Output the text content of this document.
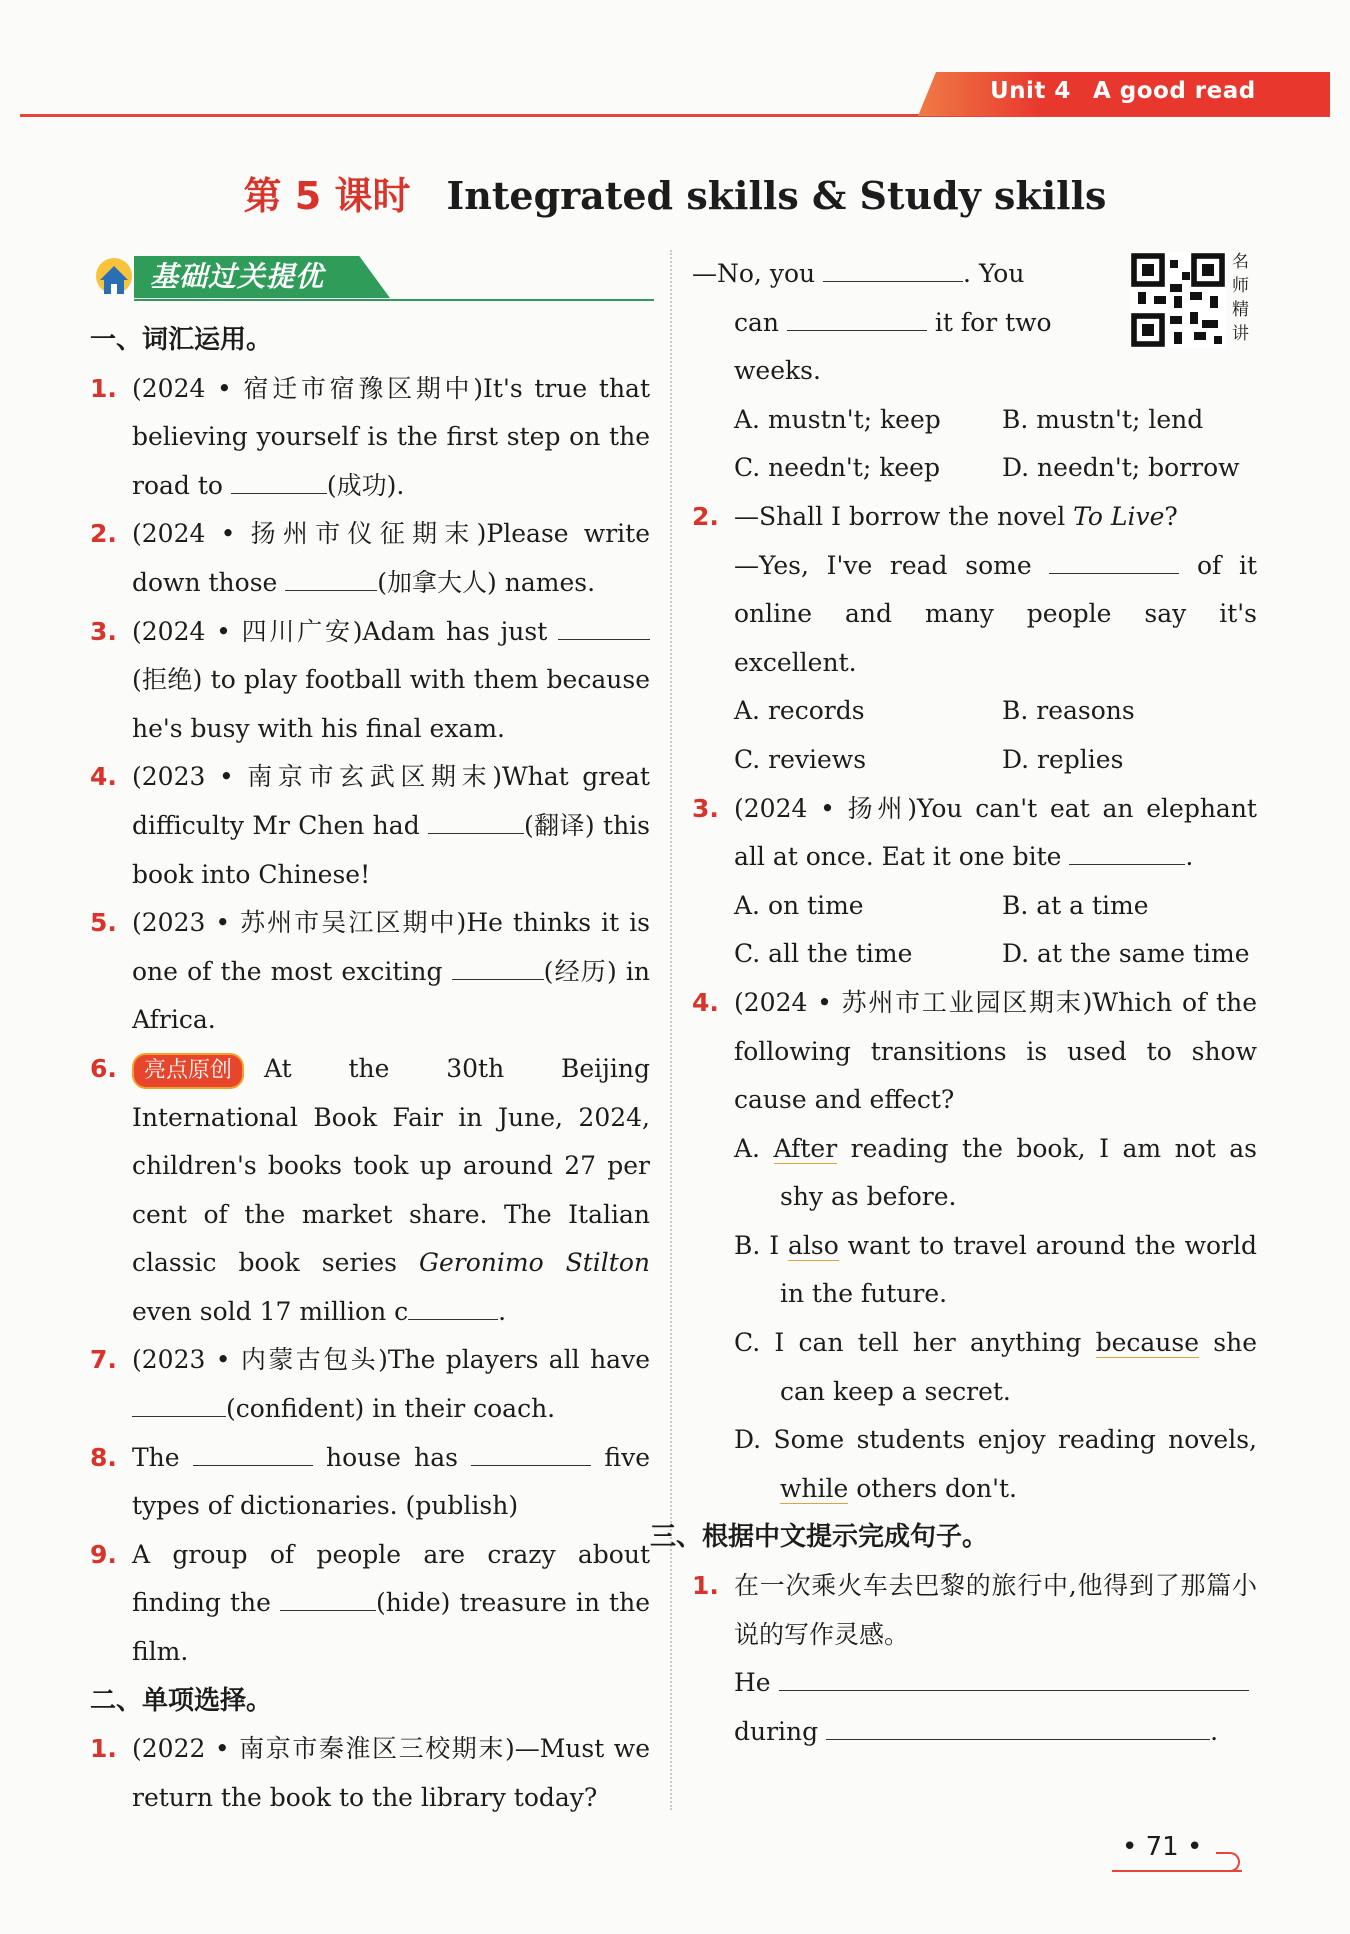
Unit 4 A good read
第 5 课时 Integrated skills & Study skills
基础过关提优
一、词汇运用。
1. (2024 • 宿迁市宿豫区期中)It's true that believing yourself is the first step on the road to	(成功).
2. (2024 • 扬州市仪征期末)Please write down those	(加拿大人) names.
3. (2024 • 四川广安)Adam has just (拒绝) to play football with them because he's busy with his final exam.
4. (2023 • 南京市玄武区期末)What great difficulty Mr Chen had	(翻译) this book into Chinese!
5. (2023 • 苏州市吴江区期中)He thinks it is one of the most exciting	(经历) in Africa.
6. 亮点原创 At the 30th Beijing International Book Fair in June, 2024, children's books took up around 27 per cent of the market share. The Italian classic book series Geronimo Stilton even sold 17 million c	.
7. (2023 • 内蒙古包头)The players all have (confident) in their coach.
8. The	house has	five types of dictionaries. (publish)
9. A group of people are crazy about finding the	(hide) treasure in the film.
二、单项选择。
1. (2022 • 南京市秦淮区三校期末)—Must we return the book to the library today?
名师精讲
—No, you	. You
can	it for two
weeks.
A. mustn't; keep	B. mustn't; lend
C. needn't; keep	D. needn't; borrow
2. —Shall I borrow the novel To Live?
—Yes, I've read some	of it online and many people say it's excellent.
A. records	B. reasons
C. reviews	D. replies
3. (2024 • 扬州)You can't eat an elephant all at once. Eat it one bite	.
A. on time	B. at a time
C. all the time	D. at the same time
4. (2024 • 苏州市工业园区期末)Which of the following transitions is used to show cause and effect?
A. After reading the book, I am not as shy as before.
B. I also want to travel around the world in the future.
C. I can tell her anything because she can keep a secret.
D. Some students enjoy reading novels, while others don't.
三、根据中文提示完成句子。
1. 在一次乘火车去巴黎的旅行中,他得到了那篇小说的写作灵感。
He
during	.
• 71 •
